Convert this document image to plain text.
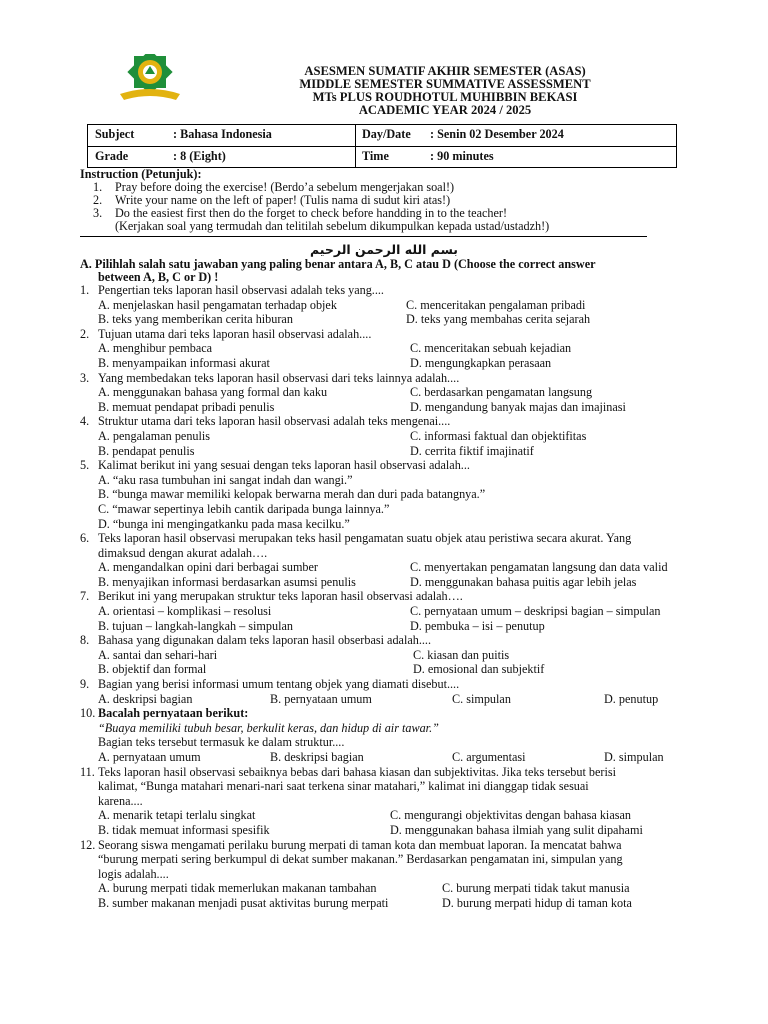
ASESMEN SUMATIF AKHIR SEMESTER (ASAS)
MIDDLE SEMESTER SUMMATIVE ASSESSMENT
MTs PLUS ROUDHOTUL MUHIBBIN BEKASI
ACADEMIC YEAR 2024 / 2025
Subject	: Bahasa Indonesia	Day/Date : Senin 02 Desember 2024
Grade	: 8 (Eight)	Time	: 90 minutes
Instruction (Petunjuk):
1. Pray before doing the exercise! (Berdo’a sebelum mengerjakan soal!)
2. Write your name on the left of paper! (Tulis nama di sudut kiri atas!)
3. Do the easiest first then do the forget to check before handding in to the teacher!
(Kerjakan soal yang termudah dan telitilah sebelum dikumpulkan kepada ustad/ustadzh!)
بسم الله الرحمن الرحيم
A. Pilihlah salah satu jawaban yang paling benar antara A, B, C atau D (Choose the correct answer
between A, B, C or D) !
1. Pengertian teks laporan hasil observasi adalah teks yang....
A. menjelaskan hasil pengamatan terhadap objek	C. menceritakan pengalaman pribadi
B. teks yang memberikan cerita hiburan	D. teks yang membahas cerita sejarah
2. Tujuan utama dari teks laporan hasil observasi adalah....
A. menghibur pembaca	C. menceritakan sebuah kejadian
B. menyampaikan informasi akurat	D. mengungkapkan perasaan
3. Yang membedakan teks laporan hasil observasi dari teks lainnya adalah....
A. menggunakan bahasa yang formal dan kaku	C. berdasarkan pengamatan langsung
B. memuat pendapat pribadi penulis	D. mengandung banyak majas dan imajinasi
4. Struktur utama dari teks laporan hasil observasi adalah teks mengenai....
A. pengalaman penulis	C. informasi faktual dan objektifitas
B. pendapat penulis	D. cerrita fiktif imajinatif
5. Kalimat berikut ini yang sesuai dengan teks laporan hasil observasi adalah...
A. “aku rasa tumbuhan ini sangat indah dan wangi.”
B. “bunga mawar memiliki kelopak berwarna merah dan duri pada batangnya.”
C. “mawar sepertinya lebih cantik daripada bunga lainnya.”
D. “bunga ini mengingatkanku pada masa kecilku.”
6. Teks laporan hasil observasi merupakan teks hasil pengamatan suatu objek atau peristiwa secara akurat. Yang
dimaksud dengan akurat adalah….
A. mengandalkan opini dari berbagai sumber	C. menyertakan pengamatan langsung dan data valid
B. menyajikan informasi berdasarkan asumsi penulis	D. menggunakan bahasa puitis agar lebih jelas
7. Berikut ini yang merupakan struktur teks laporan hasil observasi adalah….
A. orientasi – komplikasi – resolusi	C. pernyataan umum – deskripsi bagian – simpulan
B. tujuan – langkah-langkah – simpulan	D. pembuka – isi – penutup
8. Bahasa yang digunakan dalam teks laporan hasil obserbasi adalah....
A. santai dan sehari-hari	C. kiasan dan puitis
B. objektif dan formal	D. emosional dan subjektif
9. Bagian yang berisi informasi umum tentang objek yang diamati disebut....
A. deskripsi bagian	B. pernyataan umum	C. simpulan	D. penutup
10. Bacalah pernyataan berikut:
“Buaya memiliki tubuh besar, berkulit keras, dan hidup di air tawar.”
Bagian teks tersebut termasuk ke dalam struktur....
A. pernyataan umum	B. deskripsi bagian	C. argumentasi	D. simpulan
11. Teks laporan hasil observasi sebaiknya bebas dari bahasa kiasan dan subjektivitas. Jika teks tersebut berisi
kalimat, “Bunga matahari menari-nari saat terkena sinar matahari,” kalimat ini dianggap tidak sesuai
karena....
A. menarik tetapi terlalu singkat	C. mengurangi objektivitas dengan bahasa kiasan
B. tidak memuat informasi spesifik	D. menggunakan bahasa ilmiah yang sulit dipahami
12. Seorang siswa mengamati perilaku burung merpati di taman kota dan membuat laporan. Ia mencatat bahwa
“burung merpati sering berkumpul di dekat sumber makanan.” Berdasarkan pengamatan ini, simpulan yang
logis adalah....
A. burung merpati tidak memerlukan makanan tambahan	C. burung merpati tidak takut manusia
B. sumber makanan menjadi pusat aktivitas burung merpati	D. burung merpati hidup di taman kota
